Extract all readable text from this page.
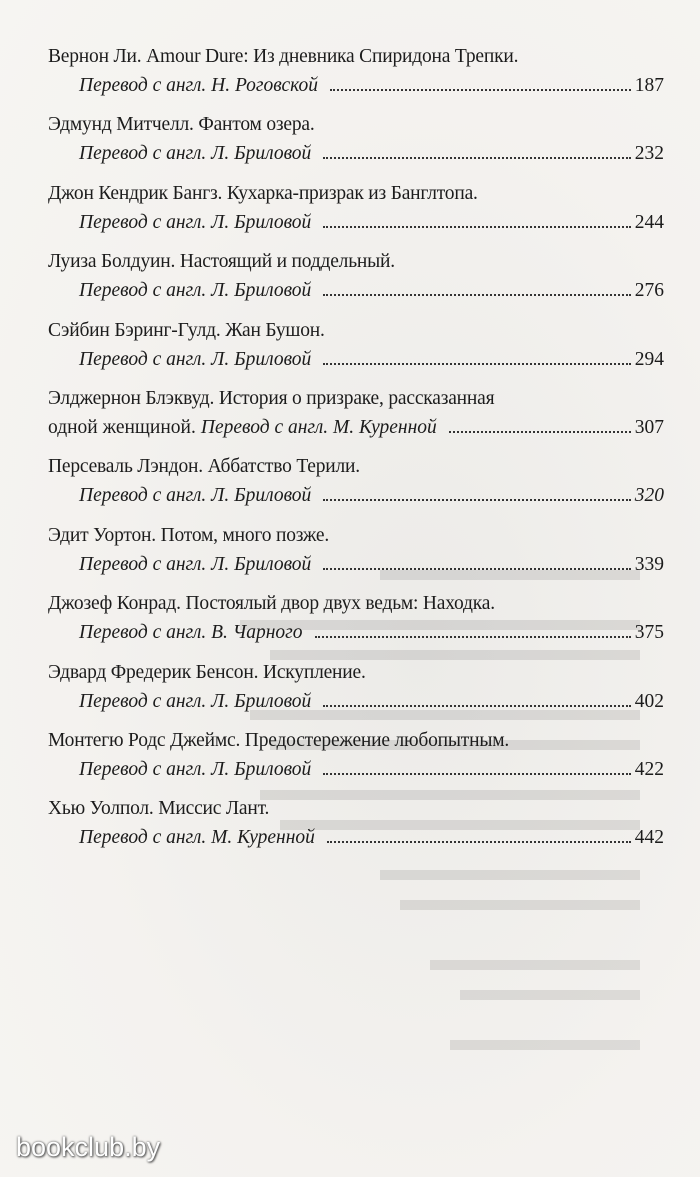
Вернон Ли. Amour Dure: Из дневника Спиридона Трепки.
Перевод с англ. Н. Роговской	187
Эдмунд Митчелл. Фантом озера.
Перевод с англ. Л. Бриловой	232
Джон Кендрик Бангз. Кухарка-призрак из Банглтопа.
Перевод с англ. Л. Бриловой	244
Луиза Болдуин. Настоящий и поддельный.
Перевод с англ. Л. Бриловой	276
Сэйбин Бэринг-Гулд. Жан Бушон.
Перевод с англ. Л. Бриловой	294
Элджернон Блэквуд. История о призраке, рассказанная
одной женщиной. Перевод с англ. М. Куренной	307
Персеваль Лэндон. Аббатство Терили.
Перевод с англ. Л. Бриловой	320
Эдит Уортон. Потом, много позже.
Перевод с англ. Л. Бриловой	339
Джозеф Конрад. Постоялый двор двух ведьм: Находка.
Перевод с англ. В. Чарного	375
Эдвард Фредерик Бенсон. Искупление.
Перевод с англ. Л. Бриловой	402
Монтегю Родс Джеймс. Предостережение любопытным.
Перевод с англ. Л. Бриловой	422
Хью Уолпол. Миссис Лант.
Перевод с англ. М. Куренной	442
bookclub.by
